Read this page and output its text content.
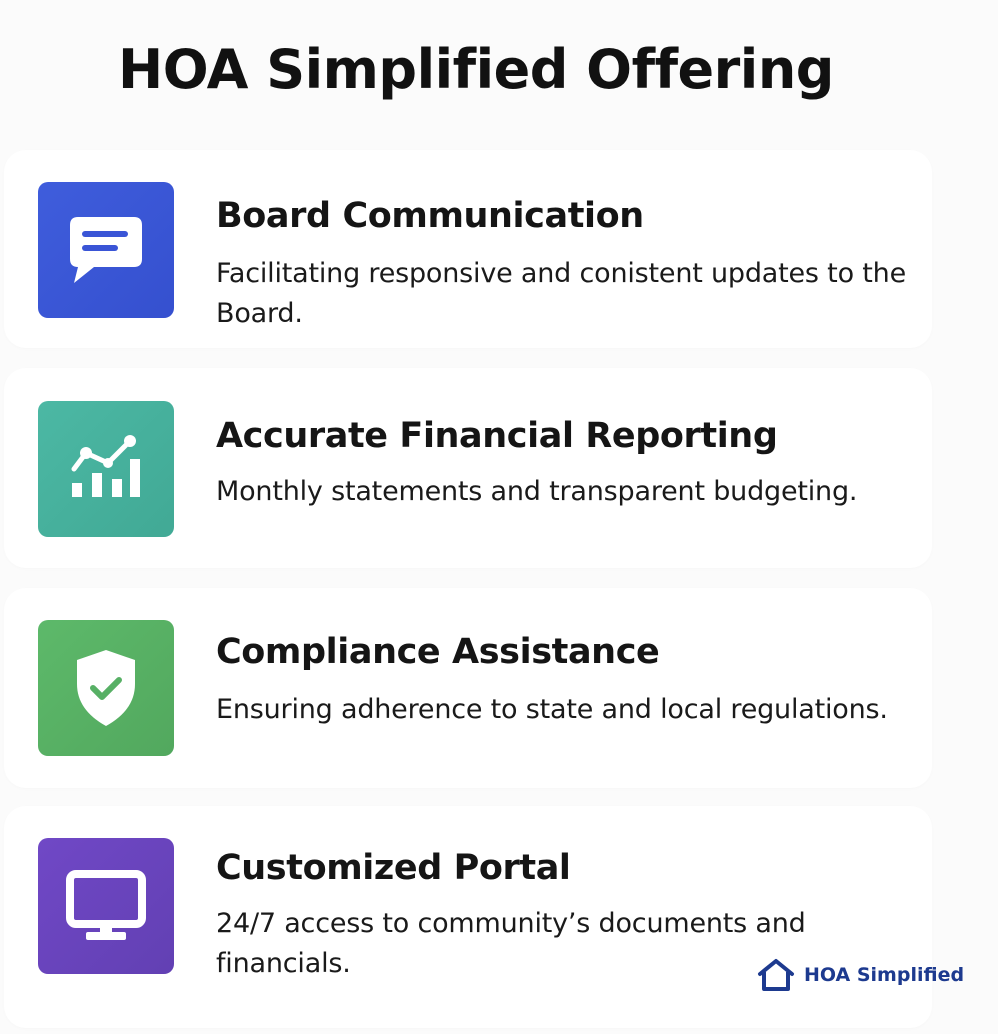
HOA Simplified Offering
Board Communication

Facilitating responsive and conistent updates to the Board.

Accurate Financial Reporting

Monthly statements and transparent budgeting.

Compliance Assistance

Ensuring adherence to state and local regulations.

Customized Portal

24/7 access to community’s documents and financials.	HOA Simplified
